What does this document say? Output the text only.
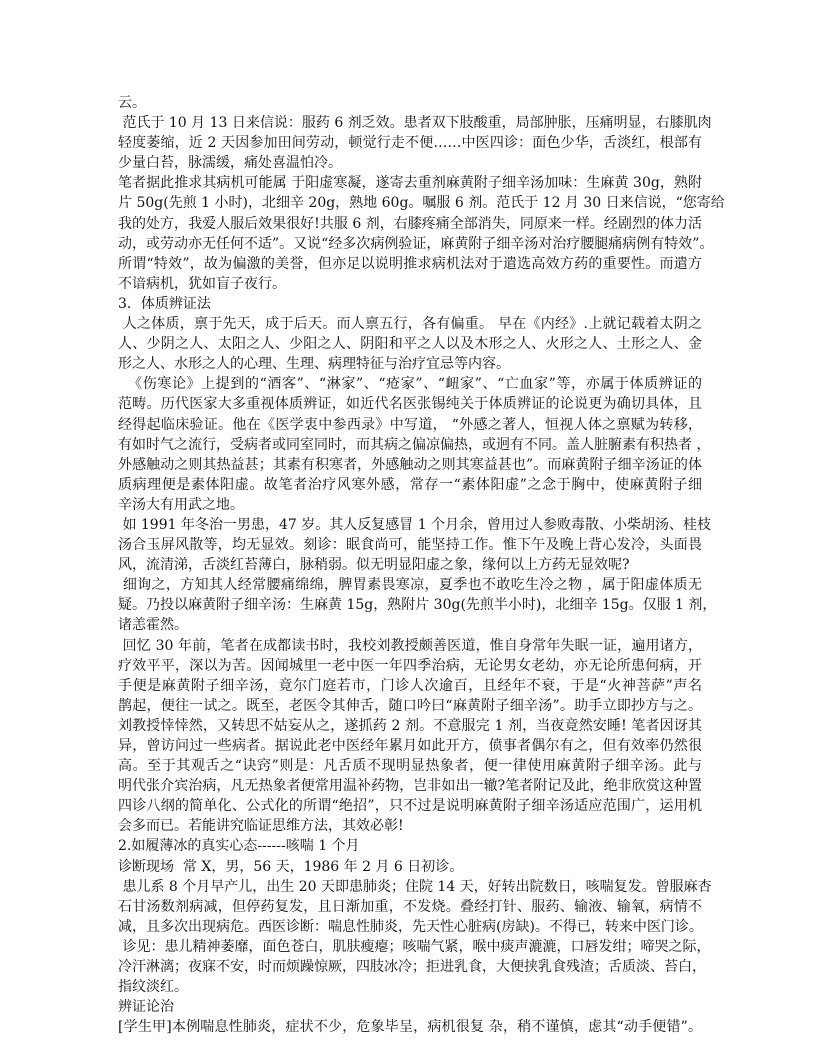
云。
范氏于 10 月 13 日来信说：服药 6 剂乏效。患者双下肢酸重，局部肿胀，压痛明显，右膝肌肉
轻度萎缩，近 2 天因参加田间劳动，顿觉行走不便……中医四诊：面色少华，舌淡红，根部有
少量白苔，脉濡缓，痛处喜温怕冷。
笔者据此推求其病机可能属 于阳虚寒凝，遂寄去重剂麻黄附子细辛汤加味：生麻黄 30g，熟附
片 50g(先煎 1 小时)，北细辛 20g，熟地 60g。嘱服 6 剂。范氏于 12 月 30 日来信说，“您寄给
我的处方，我爱人服后效果很好!共服 6 剂，右膝疼痛全部消失，同原来一样。经剧烈的体力活
动，或劳动亦无任何不适”。又说“经多次病例验证，麻黄附子细辛汤对治疗腰腿痛病例有特效”。
所谓“特效”，故为偏激的美誉，但亦足以说明推求病机法对于遣选高效方药的重要性。而遣方
不谙病机，犹如盲子夜行。
3．体质辨证法
人之体质，禀于先天，成于后天。而人禀五行，各有偏重。 早在《内经》.上就记载着太阴之
人、少阴之人、太阳之人、少阳之人、阴阳和平之人以及木形之人、火形之人、土形之人、金
形之人、水形之人的心理、生理、病理特征与治疗宜忌等内容。
《伤寒论》上提到的“酒客”、“淋家”、“疮家”、“衄家”、“亡血家”等，亦属于体质辨证的
范畴。历代医家大多重视体质辨证，如近代名医张锡纯关于体质辨证的论说更为确切具体，且
经得起临床验证。他在《医学衷中参西录》中写道， “外感之著人，恒视人体之禀赋为转移，
有如时气之流行，受病者或同室同时，而其病之偏凉偏热，或迥有不同。盖人脏腑素有积热者 ，
外感触动之则其热益甚；其素有积寒者，外感触动之则其寒益甚也”。而麻黄附子细辛汤证的体
质病理便是素体阳虚。故笔者治疗风寒外感，常存一“素体阳虚”之念于胸中，使麻黄附子细
辛汤大有用武之地。
如 1991 年冬治一男患，47 岁。其人反复感冒 1 个月余，曾用过人参败毒散、小柴胡汤、桂枝
汤合玉屏风散等，均无显效。刻诊：眠食尚可，能坚持工作。惟下午及晚上背心发冷，头面畏
风，流清涕，舌淡红苔薄白，脉稍弱。似无明显阳虚之象，缘何以上方药无显效呢?
细询之，方知其人经常腰痛绵绵，脾胃素畏寒凉，夏季也不敢吃生冷之物 ，属于阳虚体质无
疑。乃投以麻黄附子细辛汤：生麻黄 15g，熟附片 30g(先煎半小时)，北细辛 15g。仅服 1 剂，
诸恙霍然。
回忆 30 年前，笔者在成都读书时，我校刘教授颇善医道，惟自身常年失眠一证，遍用诸方，
疗效平平，深以为苦。因闻城里一老中医一年四季治病，无论男女老幼，亦无论所患何病，开
手便是麻黄附子细辛汤，竟尔门庭若市，门诊人次逾百，且经年不衰，于是“火神菩萨”声名
鹊起，便往一试之。既至，老医令其伸舌，随口吟曰“麻黄附子细辛汤”。助手立即抄方与之。
刘教授悻悻然，又转思不姑妄从之，遂抓药 2 剂。不意服完 1 剂，当夜竟然安睡! 笔者因讶其
异，曾访问过一些病者。据说此老中医经年累月如此开方，偾事者偶尔有之，但有效率仍然很
高。至于其观舌之“诀窍”则是：凡舌质不现明显热象者，便一律使用麻黄附子细辛汤。此与
明代张介宾治病，凡无热象者便常用温补药物，岂非如出一辙?笔者附记及此，绝非欣赏这种置
四诊八纲的简单化、公式化的所谓“绝招”，只不过是说明麻黄附子细辛汤适应范围广，运用机
会多而已。若能讲究临证思维方法，其效必彰!
2.如履薄冰的真实心态------咳喘 1 个月
诊断现场  常 X，男，56 天，1986 年 2 月 6 日初诊。
患儿系 8 个月早产儿，出生 20 天即患肺炎；住院 14 天，好转出院数日，咳喘复发。曾服麻杏
石甘汤数剂病减，但停药复发，且日渐加重，不发烧。叠经打针、服药、输液、输氧，病情不
减，且多次出现病危。西医诊断：喘息性肺炎，先天性心脏病(房缺)。不得已，转来中医门诊。
诊见：患儿精神萎靡，面色苍白，肌肤瘦瘪；咳喘气紧，喉中痰声漉漉，口唇发绀；啼哭之际，
冷汗淋漓；夜寐不安，时而烦躁惊厥，四肢冰冷；拒进乳食，大便挟乳食残渣；舌质淡、苔白，
指纹淡红。
辨证论治
[学生甲]本例喘息性肺炎，症状不少，危象毕呈，病机很复 杂，稍不谨慎，虑其“动手便错”。
